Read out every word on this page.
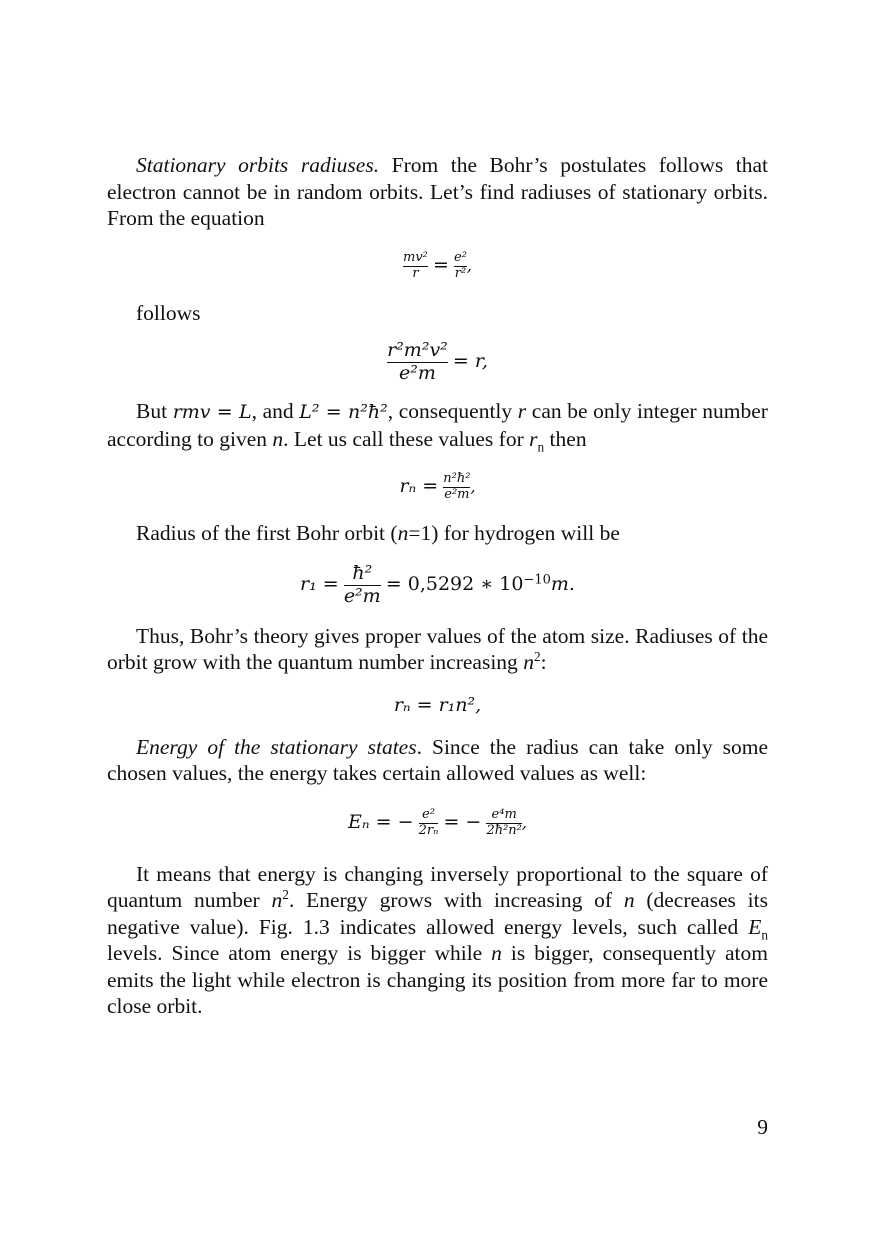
Stationary orbits radiuses. From the Bohr’s postulates follows that electron cannot be in random orbits. Let’s find radiuses of stationary orbits. From the equation

$\frac{\text{mv²}}{r} = \frac{\text{e²}}{\text{r²}}$ ,

follows

$\frac{\text{r²m²v²}}{\text{e²m}} = r$,

But rmv = L, and L² = n²ħ², consequently r can be only integer number according to given n. Let us call these values for $r_n$ then

$r_n = \frac{\text{n²ħ²}}{\text{e²m}}$ ,

Radius of the first Bohr orbit (n=1) for hydrogen will be

$r_1 = \frac{\text{ħ²}}{\text{e²m}} = 0,5292$ ∗ $10^{-10}m$.

Thus, Bohr’s theory gives proper values of the atom size. Radiuses of the orbit grow with the quantum number increasing $n^2$:

rₙ = r₁n²,

Energy of the stationary states. Since the radius can take only some chosen values, the energy takes certain allowed values as well:

Eₙ = − $\frac{\text{e²}}{\text{2rₙ}}$ = − $\frac{\text{e⁴m}}{\text{2ħ²n²}}$ ,

It means that energy is changing inversely proportional to the square of quantum number $n^2$. Energy grows with increasing of n (decreases its negative value). Fig. 1.3 indicates allowed energy levels, such called $E_n$ levels. Since atom energy is bigger while n is bigger, consequently atom emits the light while electron is changing its position from more far to more close orbit.

9
